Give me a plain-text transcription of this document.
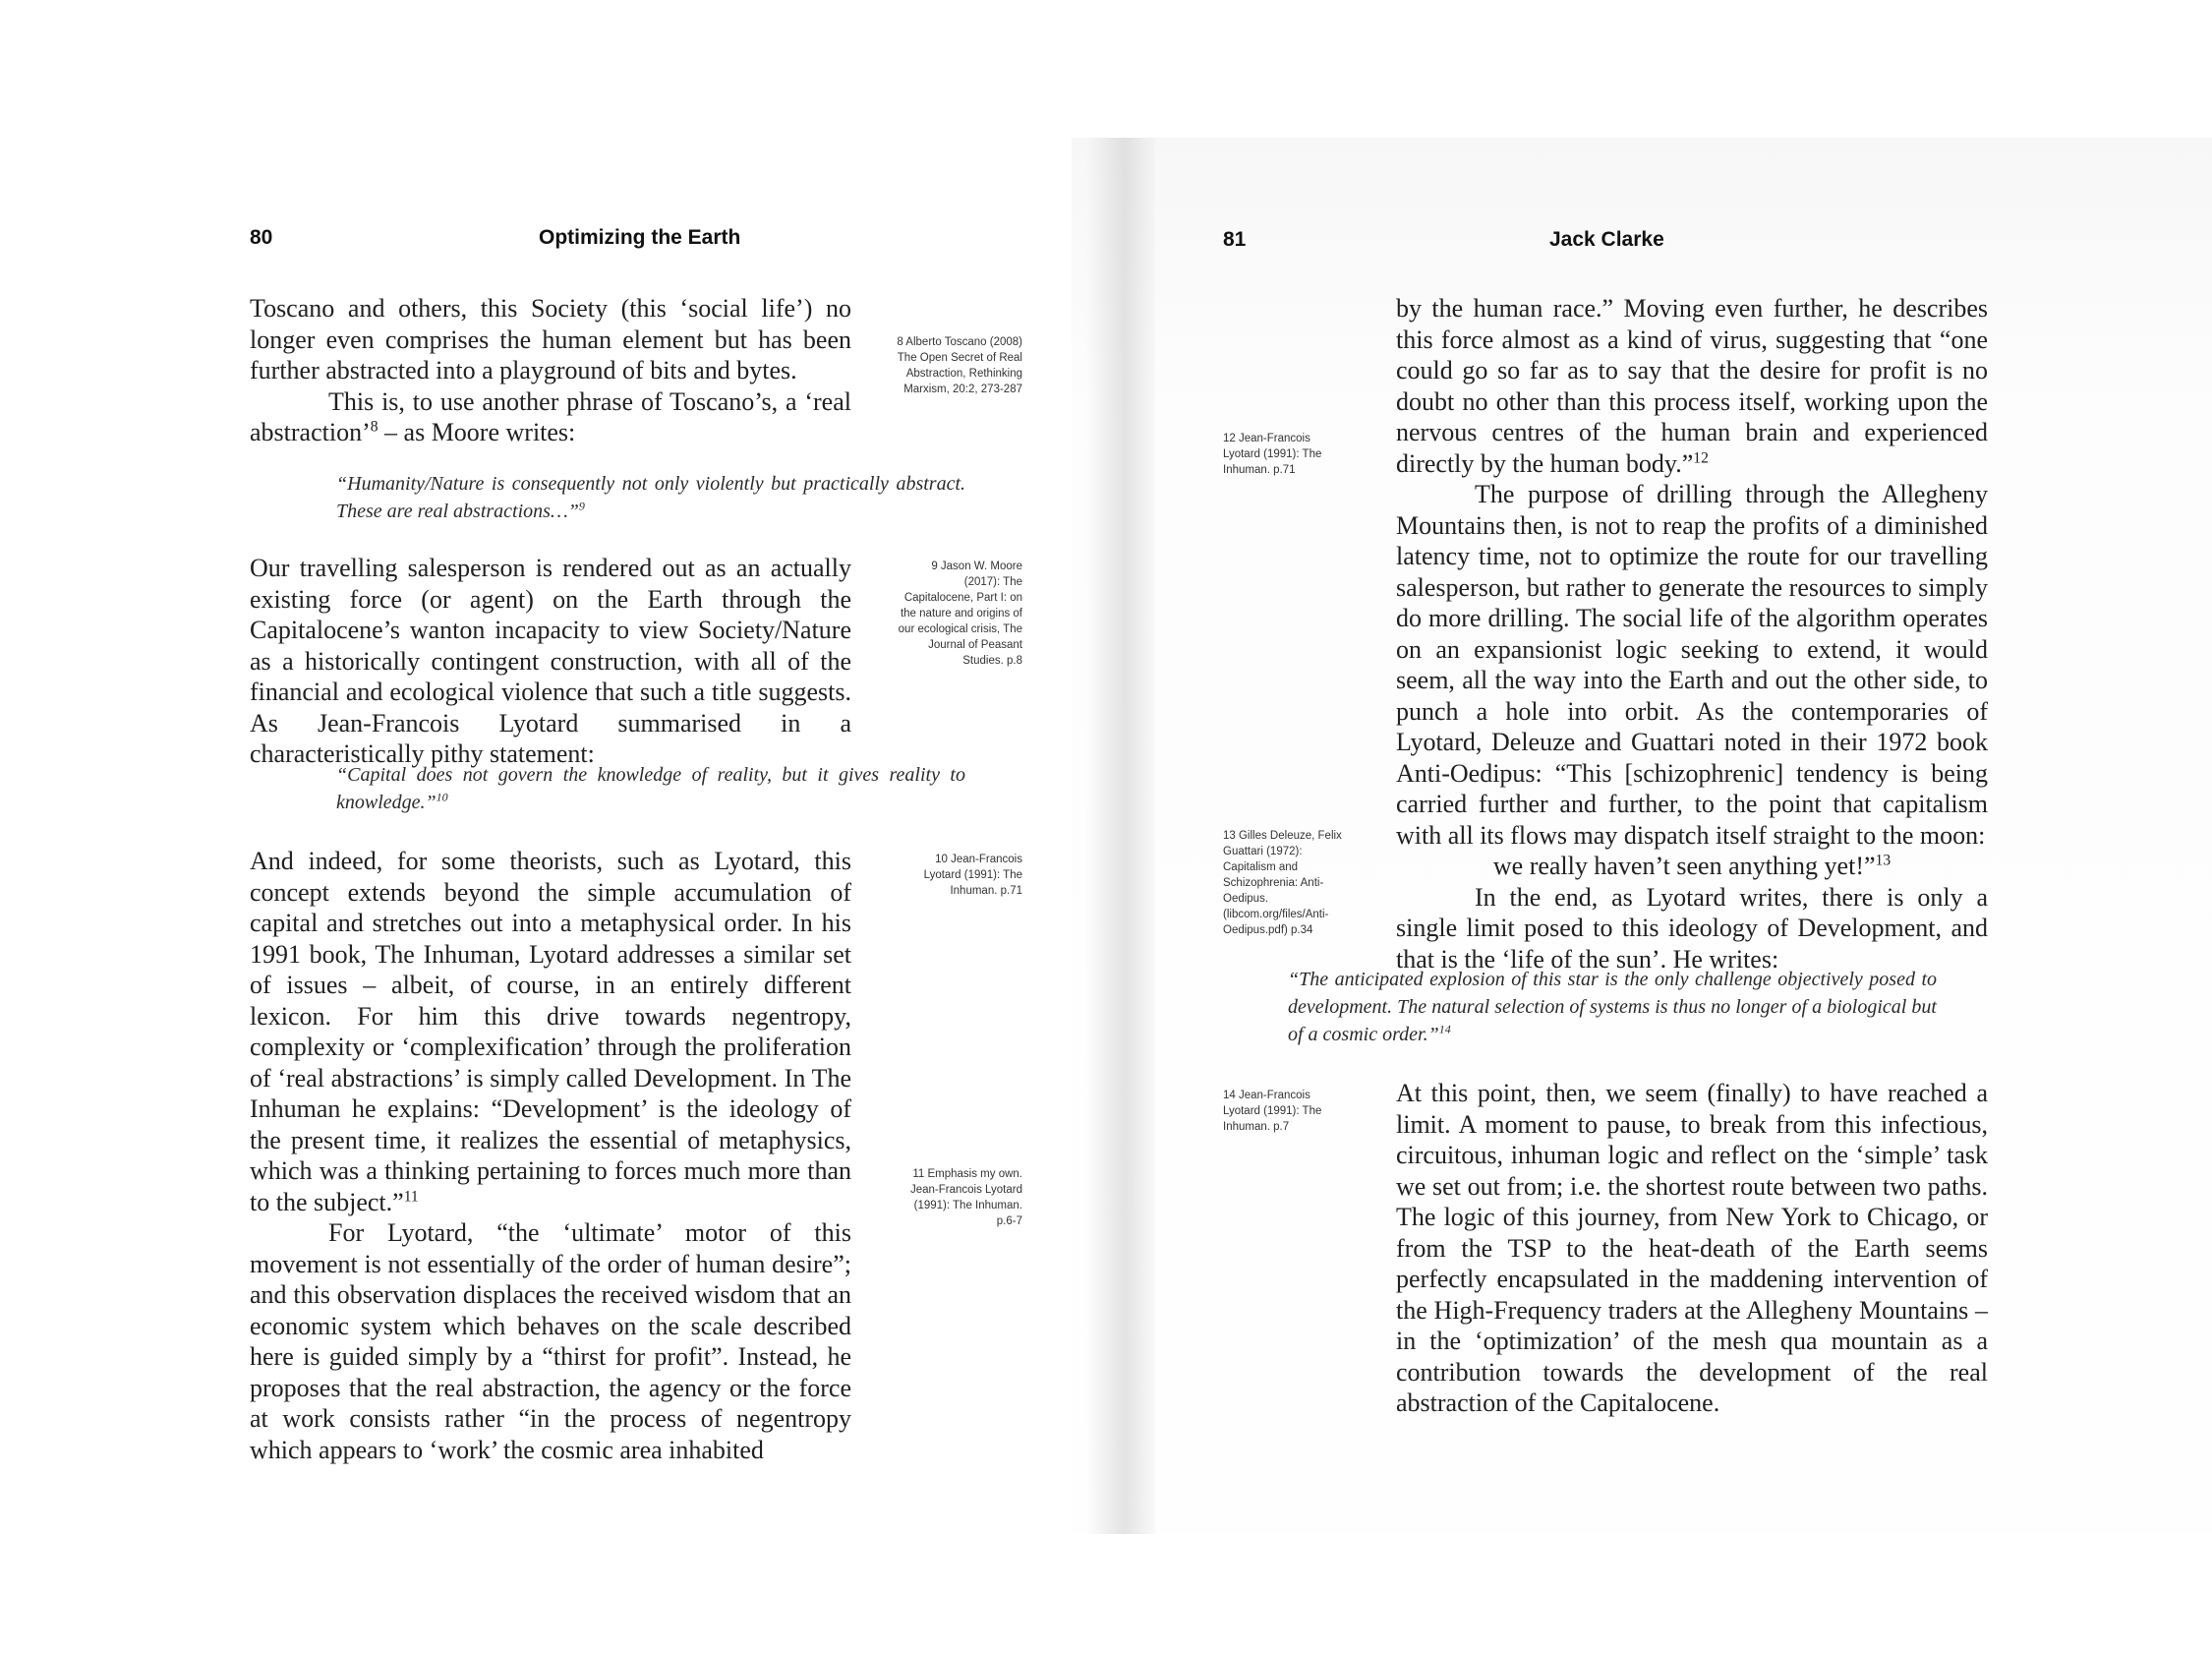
80	Optimizing the Earth

Toscano and others, this Society (this ‘social life’) no longer even comprises the human element but has been further abstracted into a playground of bits and bytes.

This is, to use another phrase of Toscano’s, a ‘real abstraction’$^8$ – as Moore writes:

8 Alberto Toscano (2008) The Open Secret of Real Abstraction, Rethinking Marxism, 20:2, 273-287
“Humanity/Nature is consequently not only violently but practically abstract. These are real abstractions…”$^9$
Our travelling salesperson is rendered out as an actually existing force (or agent) on the Earth through the Capitalocene’s wanton incapacity to view Society/Nature as a historically contingent construction, with all of the financial and ecological violence that such a title suggests. As Jean-Francois Lyotard summarised in a characteristically pithy statement:
9 Jason W. Moore (2017): The Capitalocene, Part I: on the nature and origins of our ecological crisis, The Journal of Peasant Studies. p.8
“Capital does not govern the knowledge of reality, but it gives reality to knowledge.”$^{10}$

And indeed, for some theorists, such as Lyotard, this concept extends beyond the simple accumulation of capital and stretches out into a metaphysical order. In his 1991 book, The Inhuman, Lyotard addresses a similar set of issues – albeit, of course, in an entirely different lexicon. For him this drive towards negentropy, complexity or ‘complexification’ through the proliferation of ‘real abstractions’ is simply called Development. In The Inhuman he explains: “Development’ is the ideology of the present time, it realizes the essential of metaphysics, which was a thinking pertaining to forces much more than to the subject.”$^{11}$

For Lyotard, “the ‘ultimate’ motor of this movement is not essentially of the order of human desire”; and this observation displaces the received wisdom that an economic system which behaves on the scale described here is guided simply by a “thirst for profit”. Instead, he proposes that the real abstraction, the agency or the force at work consists rather “in the process of negentropy which appears to ‘work’ the cosmic area inhabited

10 Jean-Francois Lyotard (1991): The Inhuman. p.71
11 Emphasis my own. Jean-Francois Lyotard (1991): The Inhuman. p.6-7
81	Jack Clarke

by the human race.” Moving even further, he describes this force almost as a kind of virus, suggesting that “one could go so far as to say that the desire for profit is no doubt no other than this process itself, working upon the nervous centres of the human brain and experienced directly by the human body.”$^{12}$

The purpose of drilling through the Allegheny Mountains then, is not to reap the profits of a diminished latency time, not to optimize the route for our travelling salesperson, but rather to generate the resources to simply do more drilling. The social life of the algorithm operates on an expansionist logic seeking to extend, it would seem, all the way into the Earth and out the other side, to punch a hole into orbit. As the contemporaries of Lyotard, Deleuze and Guattari noted in their 1972 book Anti-Oedipus: “This [schizophrenic] tendency is being carried further and further, to the point that capitalism with all its flows may dispatch itself straight to the moon:

we really haven’t seen anything yet!”$^{13}$

In the end, as Lyotard writes, there is only a single limit posed to this ideology of Development, and that is the ‘life of the sun’. He writes:

12 Jean-Francois Lyotard (1991): The Inhuman. p.71
13 Gilles Deleuze, Felix Guattari (1972): Capitalism and Schizophrenia: Anti-Oedipus. (libcom.org/files/Anti-Oedipus.pdf) p.34
“The anticipated explosion of this star is the only challenge objectively posed to development. The natural selection of systems is thus no longer of a biological but of a cosmic order.”$^{14}$
14 Jean-Francois Lyotard (1991): The Inhuman. p.7
At this point, then, we seem (finally) to have reached a limit. A moment to pause, to break from this infectious, circuitous, inhuman logic and reflect on the ‘simple’ task we set out from; i.e. the shortest route between two paths. The logic of this journey, from New York to Chicago, or from the TSP to the heat-death of the Earth seems perfectly encapsulated in the maddening intervention of the High-Frequency traders at the Allegheny Mountains – in the ‘optimization’ of the mesh qua mountain as a contribution towards the development of the real abstraction of the Capitalocene.
